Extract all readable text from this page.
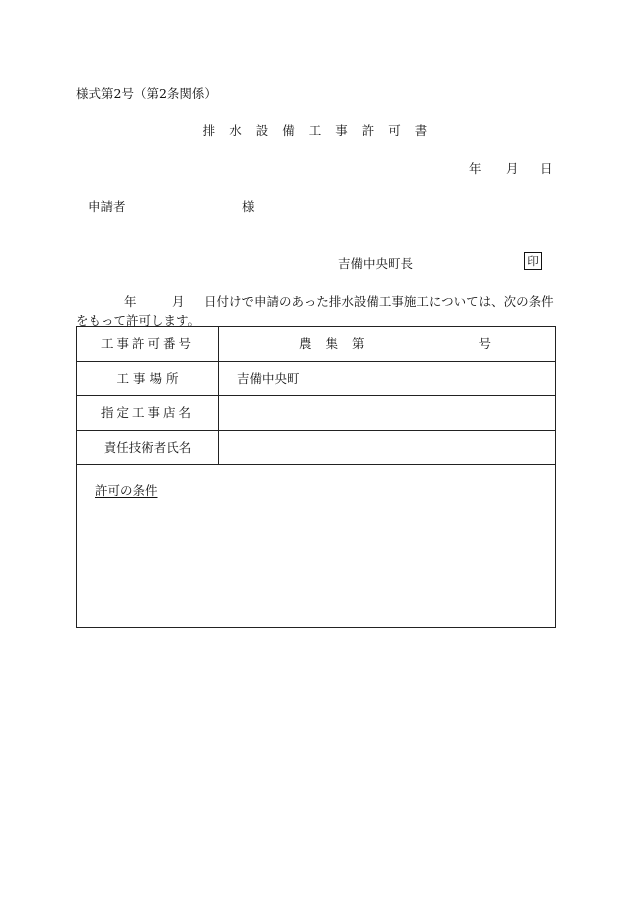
様式第2号（第2条関係）
排 水 設 備 工 事 許 可 書
年 月 日
申請者	様
吉備中央町長	印
年	月 日付けで申請のあった排水設備工事施工については、次の条件
をもって許可します。
工事許可番号	農 集 第	号
工 事 場 所	吉備中央町
指定工事店名
責任技術者氏名
許可の条件
